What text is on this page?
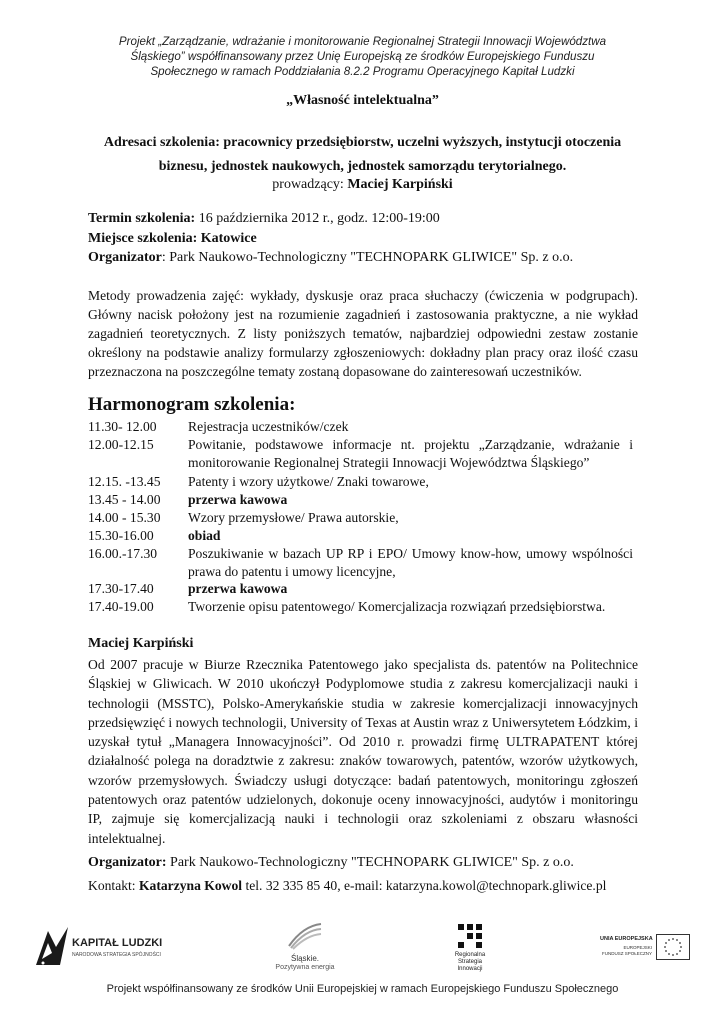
Projekt „Zarządzanie, wdrażanie i monitorowanie Regionalnej Strategii Innowacji Województwa
Śląskiego” współfinansowany przez Unię Europejską ze środków Europejskiego Funduszu
Społecznego w ramach Poddziałania 8.2.2 Programu Operacyjnego Kapitał Ludzki
„Własność intelektualna”
Adresaci szkolenia: pracownicy przedsiębiorstw, uczelni wyższych, instytucji otoczenia
biznesu, jednostek naukowych, jednostek samorządu terytorialnego.
prowadzący: Maciej Karpiński
Termin szkolenia: 16 października 2012 r., godz. 12:00-19:00
Miejsce szkolenia: Katowice
Organizator: Park Naukowo-Technologiczny "TECHNOPARK GLIWICE" Sp. z o.o.
Metody prowadzenia zajęć: wykłady, dyskusje oraz praca słuchaczy (ćwiczenia w podgrupach). Główny nacisk położony jest na rozumienie zagadnień i zastosowania praktyczne, a nie wykład zagadnień teoretycznych. Z listy poniższych tematów, najbardziej odpowiedni zestaw zostanie określony na podstawie analizy formularzy zgłoszeniowych: dokładny plan pracy oraz ilość czasu przeznaczona na poszczególne tematy zostaną dopasowane do zainteresowań uczestników.
Harmonogram szkolenia:
11.30- 12.00	Rejestracja uczestników/czek
12.00-12.15	Powitanie, podstawowe informacje nt. projektu „Zarządzanie, wdrażanie i monitorowanie Regionalnej Strategii Innowacji Województwa Śląskiego”
12.15. -13.45	Patenty i wzory użytkowe/ Znaki towarowe,
13.45 - 14.00	przerwa kawowa
14.00 - 15.30	Wzory przemysłowe/ Prawa autorskie,
15.30-16.00	obiad
16.00.-17.30	Poszukiwanie w bazach UP RP i EPO/ Umowy know-how, umowy wspólności prawa do patentu i umowy licencyjne,
17.30-17.40	przerwa kawowa
17.40-19.00	Tworzenie opisu patentowego/ Komercjalizacja rozwiązań przedsiębiorstwa.
Maciej Karpiński
Od 2007 pracuje w Biurze Rzecznika Patentowego jako specjalista ds. patentów na Politechnice Śląskiej w Gliwicach. W 2010 ukończył Podyplomowe studia z zakresu komercjalizacji nauki i technologii (MSSTC), Polsko-Amerykańskie studia w zakresie komercjalizacji innowacyjnych przedsięwzięć i nowych technologii, University of Texas at Austin wraz z Uniwersytetem Łódzkim, i uzyskał tytuł „Managera Innowacyjności”. Od 2010 r. prowadzi firmę ULTRAPATENT której działalność polega na doradztwie z zakresu: znaków towarowych, patentów, wzorów użytkowych, wzorów przemysłowych. Świadczy usługi dotyczące: badań patentowych, monitoringu zgłoszeń patentowych oraz patentów udzielonych, dokonuje oceny innowacyjności, audytów i monitoringu IP, zajmuje się komercjalizacją nauki i technologii oraz szkoleniami z obszaru własności intelektualnej.
Organizator: Park Naukowo-Technologiczny "TECHNOPARK GLIWICE" Sp. z o.o.
Kontakt: Katarzyna Kowol tel. 32 335 85 40, e-mail: katarzyna.kowol@technopark.gliwice.pl
KAPITAŁ LUDZKI
NARODOWA STRATEGIA SPÓJNOŚCI	Śląskie.
Pozytywna energia
Regionalna
Strategia
Innowacji
UNIA EUROPEJSKA
EUROPEJSKI
FUNDUSZ SPOŁECZNY
Projekt współfinansowany ze środków Unii Europejskiej w ramach Europejskiego Funduszu Społecznego
